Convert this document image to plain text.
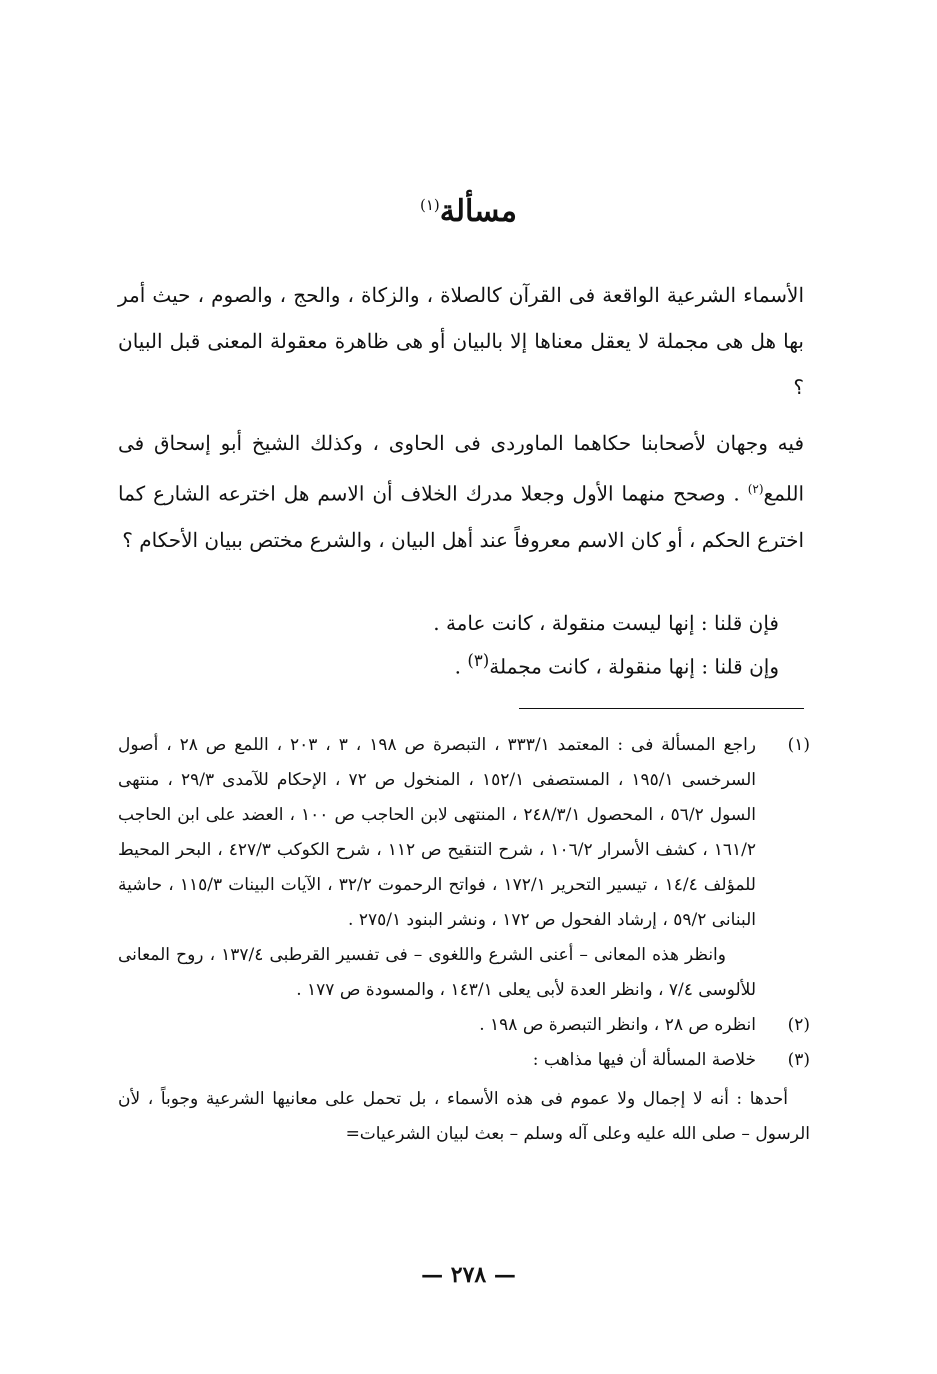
مسألة$^{(١)}$

الأسماء الشرعية الواقعة فى القرآن كالصلاة ، والزكاة ، والحج ، والصوم ، حيث أمر بها هل هى مجملة لا يعقل معناها إلا بالبيان أو هى ظاهرة معقولة المعنى قبل البيان ؟

فيه وجهان لأصحابنا حكاهما الماوردى فى الحاوى ، وكذلك الشيخ أبو إسحاق فى اللمع$^{(٢)}$ . وصحح منهما الأول وجعلا مدرك الخلاف أن الاسم هل اخترعه الشارع كما اخترع الحكم ، أو كان الاسم معروفاً عند أهل البيان ، والشرع مختص ببيان الأحكام ؟

فإن قلنا : إنها ليست منقولة ، كانت عامة .
وإن قلنا : إنها منقولة ، كانت مجملة$^{(٣)}$ .
(١)
راجع المسألة فى : المعتمد ٣٣٣/١ ، التبصرة ص ١٩٨ ، ٣ ، ٢٠٣ ، اللمع ص ٢٨ ، أصول السرخسى ١٩٥/١ ، المستصفى ١٥٢/١ ، المنخول ص ٧٢ ، الإحكام للآمدى ٢٩/٣ ، منتهى السول ٥٦/٢ ، المحصول ٢٤٨/٣/١ ، المنتهى لابن الحاجب ص ١٠٠ ، العضد على ابن الحاجب ١٦١/٢ ، كشف الأسرار ١٠٦/٢ ، شرح التنقيح ص ١١٢ ، شرح الكوكب ٤٢٧/٣ ، البحر المحيط للمؤلف ١٤/٤ ، تيسير التحرير ١٧٢/١ ، فواتح الرحموت ٣٢/٢ ، الآيات البينات ١١٥/٣ ، حاشية البنانى ٥٩/٢ ، إرشاد الفحول ص ١٧٢ ، ونشر البنود ٢٧٥/١ .
وانظر هذه المعانى – أعنى الشرع واللغوى – فى تفسير القرطبى ١٣٧/٤ ، روح المعانى للألوسى ٧/٤ ، وانظر العدة لأبى يعلى ١٤٣/١ ، والمسودة ص ١٧٧ .
(٢)
انظره ص ٢٨ ، وانظر التبصرة ص ١٩٨ .
(٣)
خلاصة المسألة أن فيها مذاهب :
أحدها : أنه لا إجمال ولا عموم فى هذه الأسماء ، بل تحمل على معانيها الشرعية وجوباً ، لأن الرسول – صلى الله عليه وعلى آله وسلم – بعث لبيان الشرعيات=
— ٢٧٨ —
